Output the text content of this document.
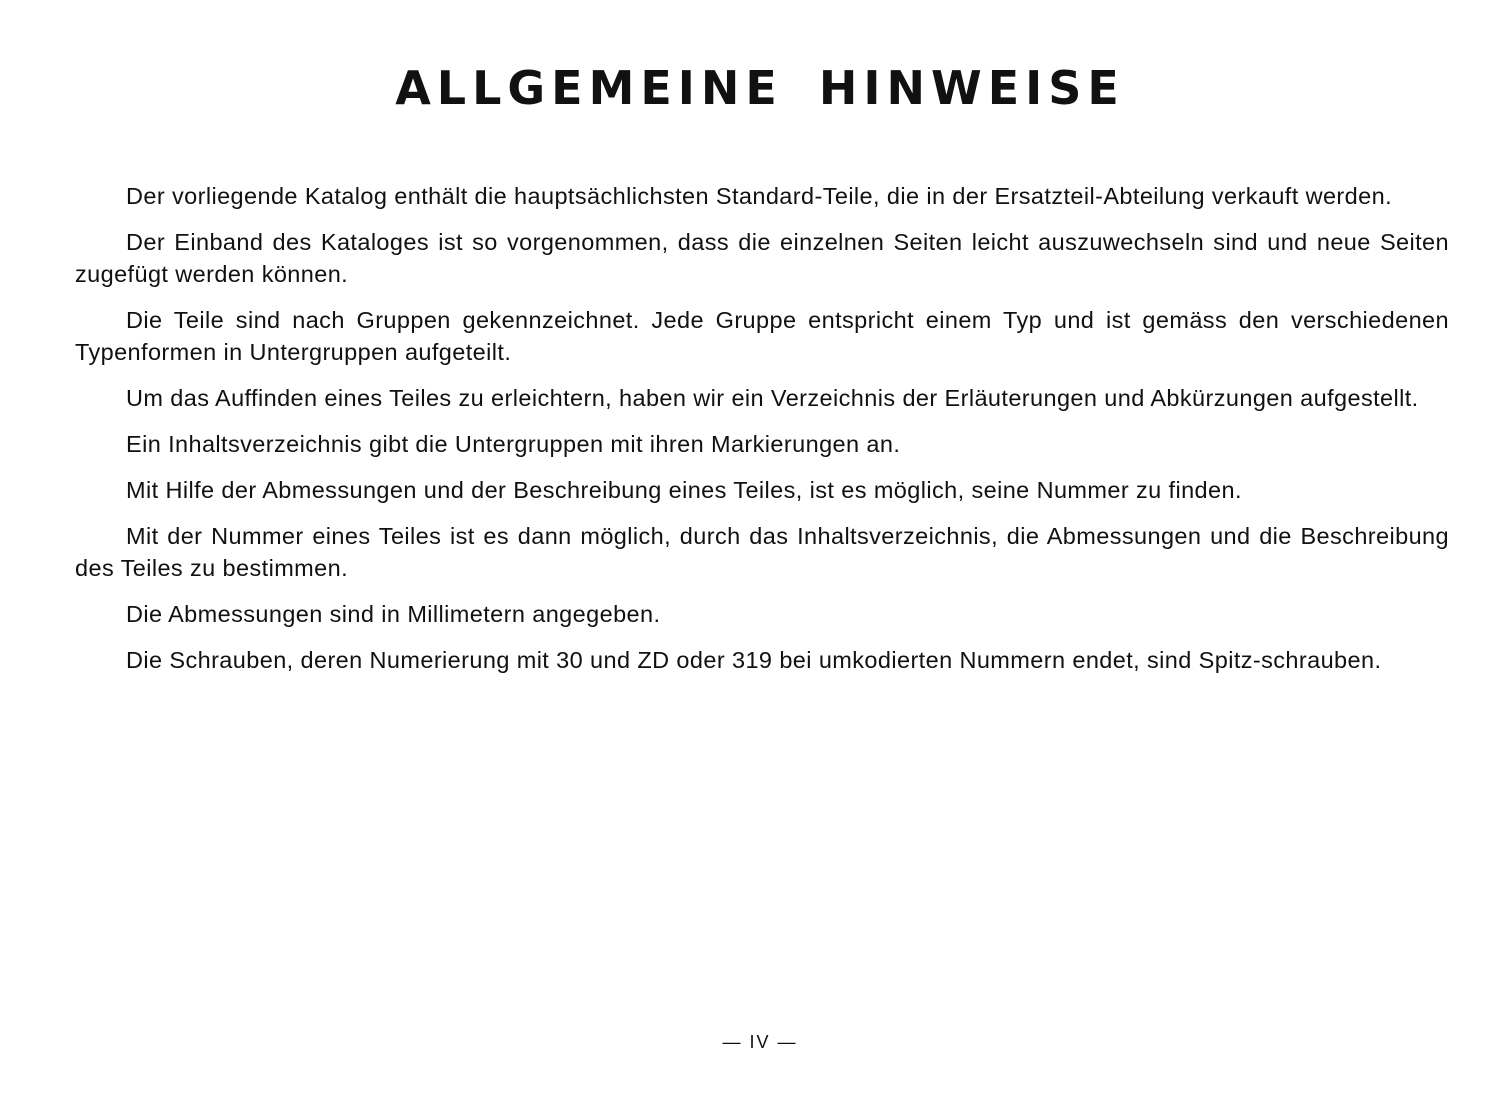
ALLGEMEINE HINWEISE

Der vorliegende Katalog enthält die hauptsächlichsten Standard-Teile, die in der Ersatzteil-Abteilung verkauft werden.

Der Einband des Kataloges ist so vorgenommen, dass die einzelnen Seiten leicht auszuwechseln sind und neue Seiten zugefügt werden können.

Die Teile sind nach Gruppen gekennzeichnet. Jede Gruppe entspricht einem Typ und ist gemäss den verschiedenen Typenformen in Untergruppen aufgeteilt.

Um das Auffinden eines Teiles zu erleichtern, haben wir ein Verzeichnis der Erläuterungen und Abkürzungen aufgestellt.

Ein Inhaltsverzeichnis gibt die Untergruppen mit ihren Markierungen an.

Mit Hilfe der Abmessungen und der Beschreibung eines Teiles, ist es möglich, seine Nummer zu finden.

Mit der Nummer eines Teiles ist es dann möglich, durch das Inhaltsverzeichnis, die Abmessungen und die Beschreibung des Teiles zu bestimmen.

Die Abmessungen sind in Millimetern angegeben.

Die Schrauben, deren Numerierung mit 30 und ZD oder 319 bei umkodierten Nummern endet, sind Spitz-schrauben.

— IV —
